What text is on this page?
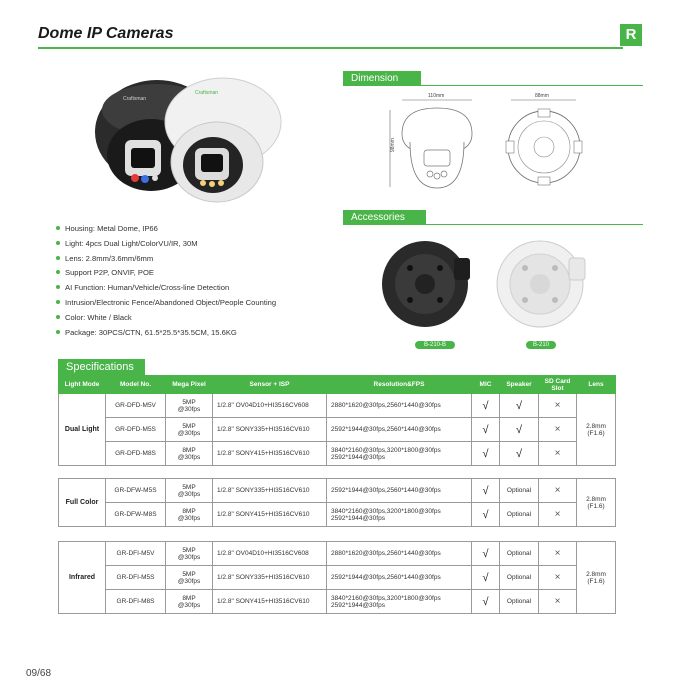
Dome IP Cameras	R
Craftsman
Craftsman
Dimension
110mm
98mm
88mm
Accessories
B-210-B	B-210
Housing: Metal Dome, IP66
Light: 4pcs Dual Light/ColorVU/IR, 30M
Lens: 2.8mm/3.6mm/6mm
Support P2P, ONVIF, POE
AI Function: Human/Vehicle/Cross-line Detection
Intrusion/Electronic Fence/Abandoned Object/People Counting
Color: White / Black
Package: 30PCS/CTN, 61.5*25.5*35.5CM, 15.6KG
Specifications
Light Mode	Model No.	Mega Pixel	Sensor + ISP	Resolution&FPS	MIC	Speaker	SD Card Slot	Lens
Dual Light	GR-DFD-M5V	5MP
@30fps	1/2.8" OV04D10+HI3516CV608	2880*1620@30fps,2560*1440@30fps	√	√	×	2.8mm
(F1.6)
	GR-DFD-M5S	5MP
@30fps	1/2.8" SONY335+HI3516CV610	2592*1944@30fps,2560*1440@30fps	√	√	×	
	GR-DFD-M8S	8MP
@30fps	1/2.8" SONY415+HI3516CV610	3840*2160@30fps,3200*1800@30fps
2592*1944@30fps	√	√	×	
Full Color	GR-DFW-M5S	5MP
@30fps	1/2.8" SONY335+HI3516CV610	2592*1944@30fps,2560*1440@30fps	√	Optional	×	2.8mm
(F1.6)
	GR-DFW-M8S	8MP
@30fps	1/2.8" SONY415+HI3516CV610	3840*2160@30fps,3200*1800@30fps
2592*1944@30fps	√	Optional	×	
Infrared	GR-DFI-M5V	5MP
@30fps	1/2.8" OV04D10+HI3516CV608	2880*1620@30fps,2560*1440@30fps	√	Optional	×	2.8mm
(F1.6)
	GR-DFI-M5S	5MP
@30fps	1/2.8" SONY335+HI3516CV610	2592*1944@30fps,2560*1440@30fps	√	Optional	×	
	GR-DFI-M8S	8MP
@30fps	1/2.8" SONY415+HI3516CV610	3840*2160@30fps,3200*1800@30fps
2592*1944@30fps	√	Optional	×	
09/68
